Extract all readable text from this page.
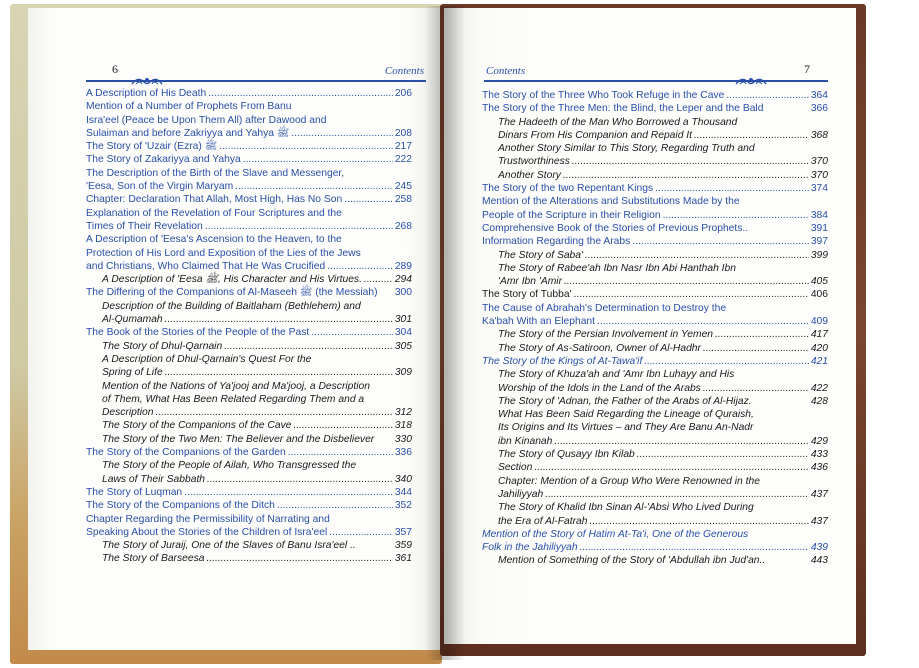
6	Contents
A Description of His Death .....	206
Mention of a Number of Prophets From Banu
Isra'eel (Peace be Upon Them All) after Dawood and
Sulaiman and before Zakriyya and Yahya ﷺ .....	208
The Story of 'Uzair (Ezra) ﷺ .....	217
The Story of Zakariyya and Yahya .....	222
The Description of the Birth of the Slave and Messenger,
'Eesa, Son of the Virgin Maryam .....	245
Chapter: Declaration That Allah, Most High, Has No Son .....	258
Explanation of the Revelation of Four Scriptures and the
Times of Their Revelation .....	268
A Description of 'Eesa's Ascension to the Heaven, to the
Protection of His Lord and Exposition of the Lies of the Jews
and Christians, Who Claimed That He Was Crucified .....	289
A Description of 'Eesa ﷺ, His Character and His Virtues. .....	294
The Differing of the Companions of Al-Maseeh ﷺ (the Messiah) 300
Description of the Building of Baitlaham (Bethlehem) and
Al-Qumamah .....	301
The Book of the Stories of the People of the Past .....	304
The Story of Dhul-Qarnain .....	305
A Description of Dhul-Qarnain's Quest For the
Spring of Life .....	309
Mention of the Nations of Ya'jooj and Ma'jooj, a Description
of Them, What Has Been Related Regarding Them and a
Description .....	312
The Story of the Companions of the Cave .....	318
The Story of the Two Men: The Believer and the Disbeliever 330
The Story of the Companions of the Garden .....	336
The Story of the People of Ailah, Who Transgressed the
Laws of Their Sabbath .....	340
The Story of Luqman .....	344
The Story of the Companions of the Ditch .....	352
Chapter Regarding the Permissibility of Narrating and
Speaking About the Stories of the Children of Isra'eel .....	357
The Story of Juraij, One of the Slaves of Banu Isra'eel ..	359
The Story of Barseesa .....	361
Contents	7
The Story of the Three Who Took Refuge in the Cave .....	364
The Story of the Three Men: the Blind, the Leper and the Bald	366
The Hadeeth of the Man Who Borrowed a Thousand
Dinars From His Companion and Repaid It .....	368
Another Story Similar to This Story, Regarding Truth and
Trustworthiness .....	370
Another Story .....	370
The Story of the two Repentant Kings .....	374
Mention of the Alterations and Substitutions Made by the
People of the Scripture in their Religion .....	384
Comprehensive Book of the Stories of Previous Prophets..	391
Information Regarding the Arabs .....	397
The Story of Saba' .....	399
The Story of Rabee'ah Ibn Nasr Ibn Abi Hanthah Ibn
'Amr Ibn 'Amir .....	405
The Story of Tubba' .....	406
The Cause of Abrahah's Determination to Destroy the
Ka'bah With an Elephant .....	409
The Story of the Persian Involvement in Yemen .....	417
The Story of As-Satiroon, Owner of Al-Hadhr .....	420
The Story of the Kings of At-Tawa'if .....	421
The Story of Khuza'ah and 'Amr Ibn Luhayy and His
Worship of the Idols in the Land of the Arabs .....	422
The Story of 'Adnan, the Father of the Arabs of Al-Hijaz.	428
What Has Been Said Regarding the Lineage of Quraish,
Its Origins and Its Virtues – and They Are Banu An-Nadr
ibn Kinanah .....	429
The Story of Qusayy Ibn Kilab .....	433
Section .....	436
Chapter: Mention of a Group Who Were Renowned in the
Jahiliyyah .....	437
The Story of Khalid Ibn Sinan Al-'Absi Who Lived During
the Era of Al-Fatrah .....	437
Mention of the Story of Hatim At-Ta'i, One of the Generous
Folk in the Jahiliyyah .....	439
Mention of Something of the Story of 'Abdullah ibn Jud'an..	443
